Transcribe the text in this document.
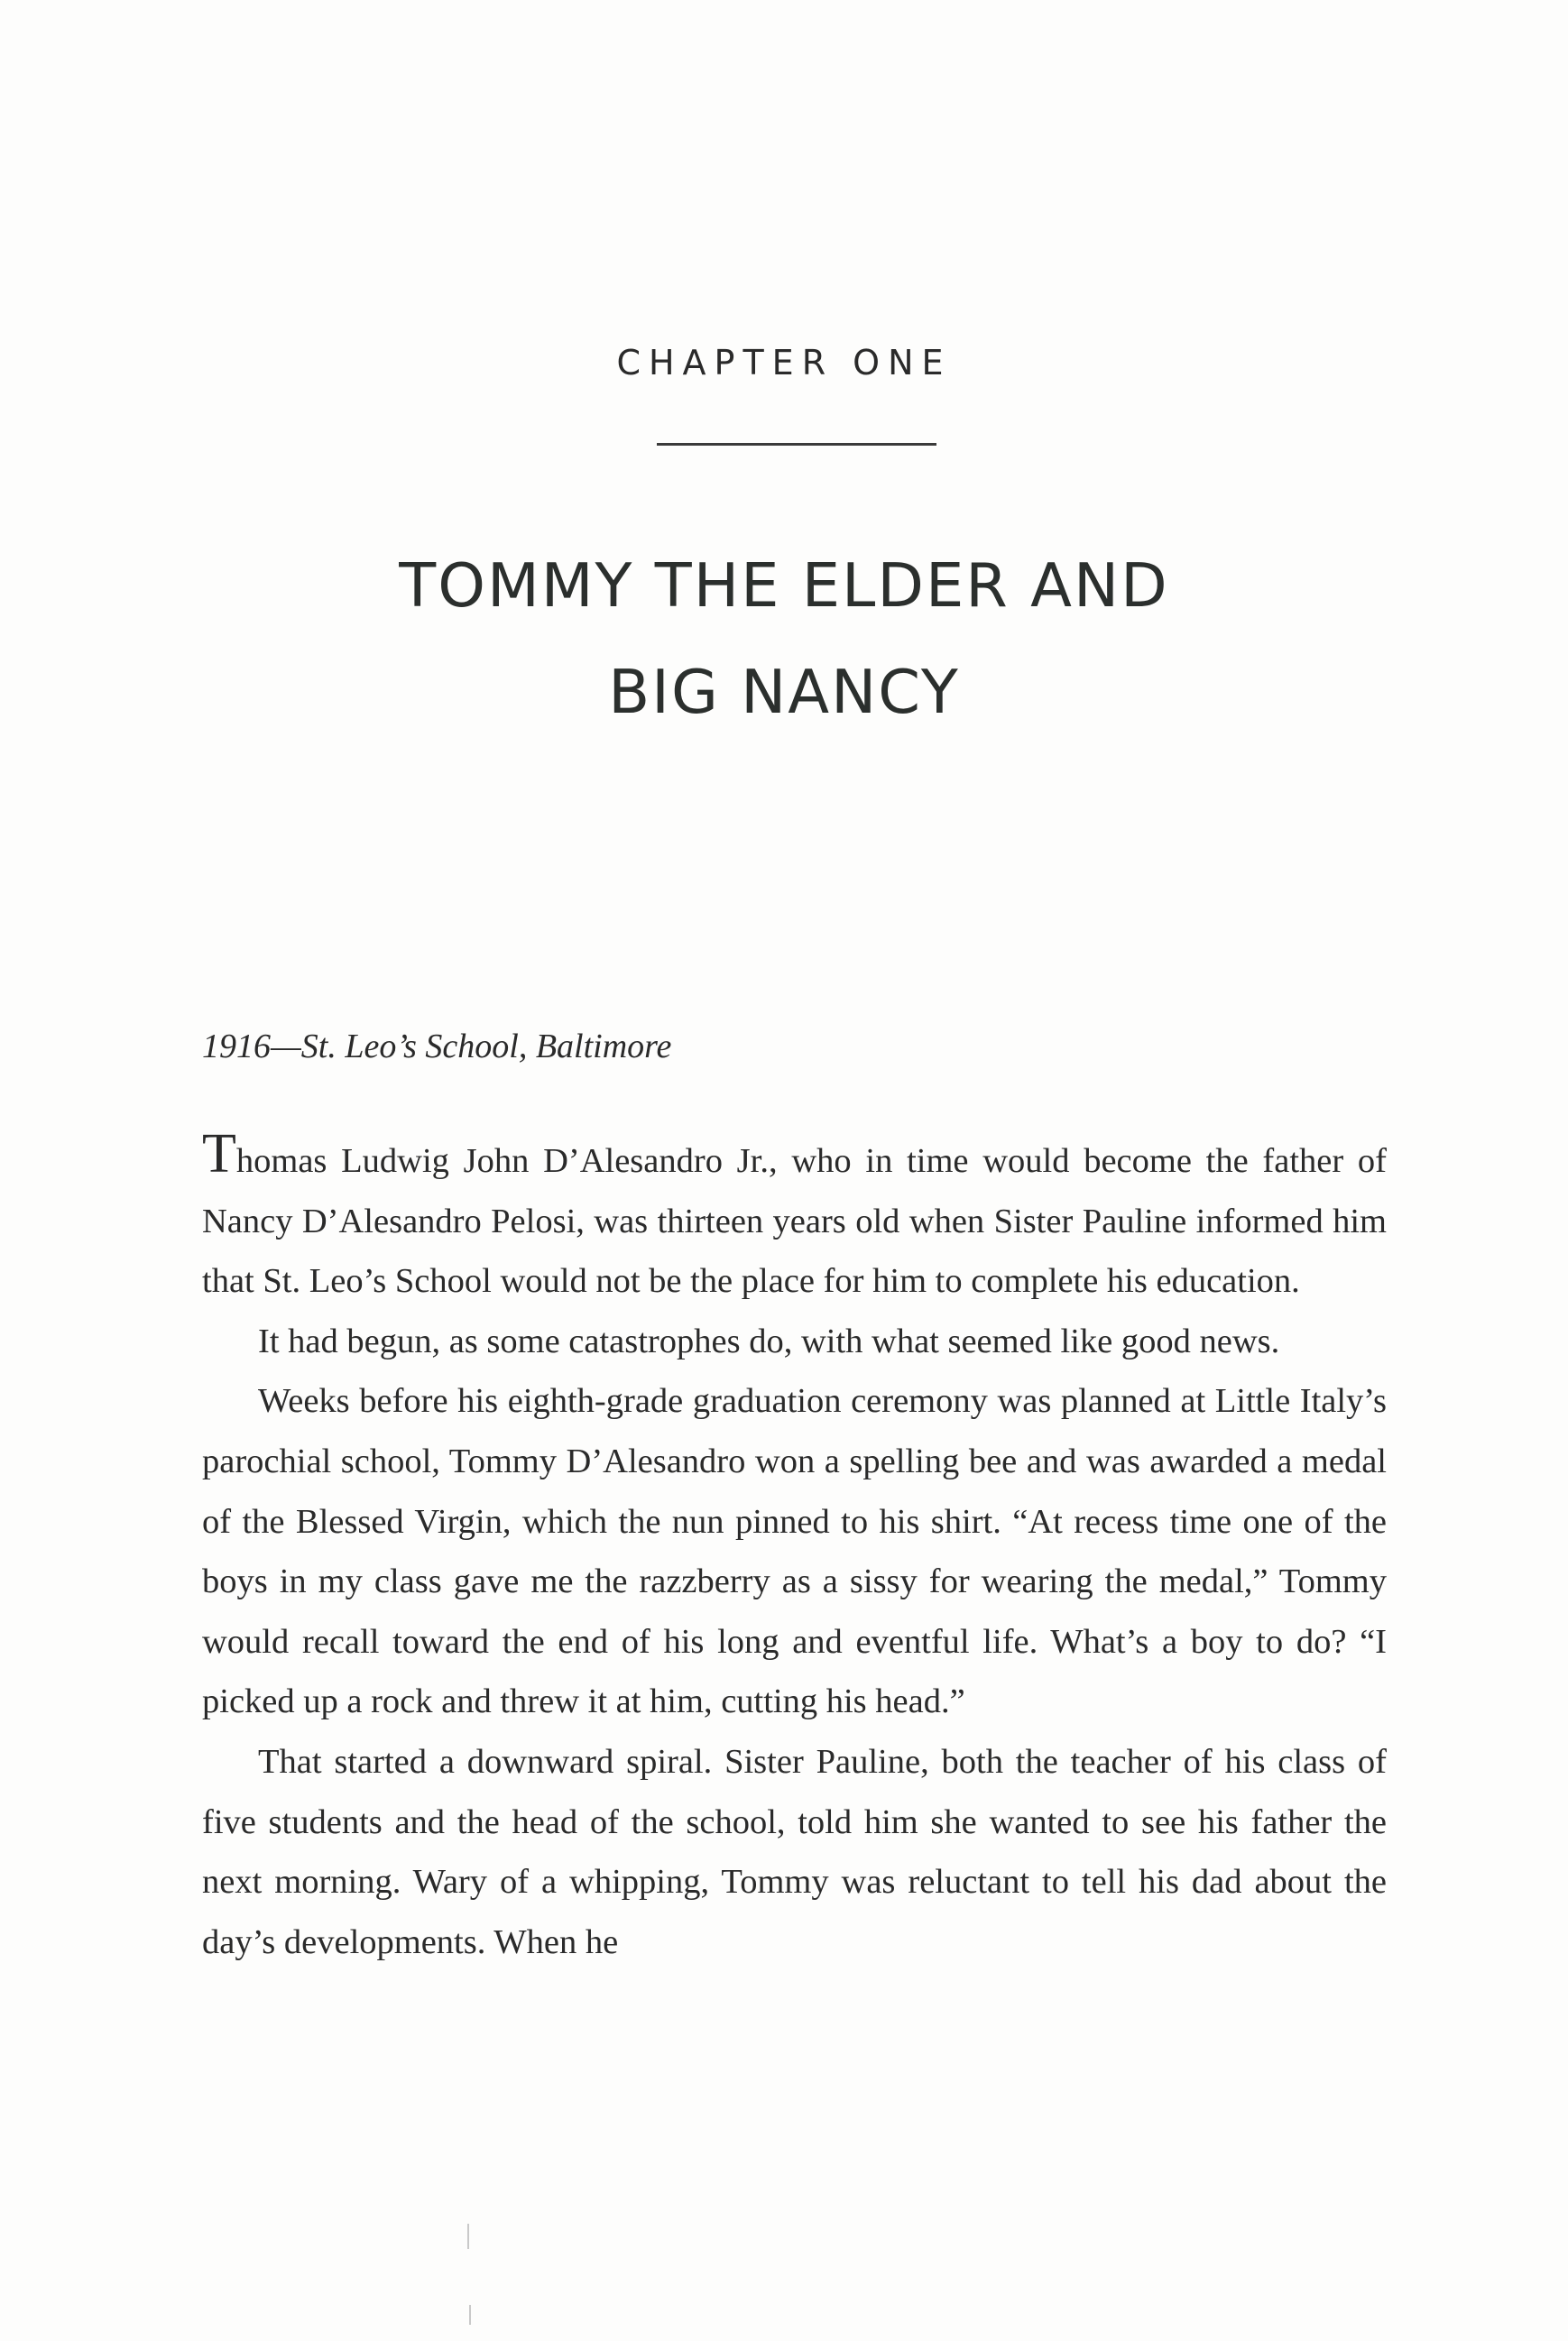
CHAPTER ONE
TOMMY THE ELDER AND
BIG NANCY
1916—St. Leo’s School, Baltimore

Thomas Ludwig John D’Alesandro Jr., who in time would become the father of Nancy D’Alesandro Pelosi, was thirteen years old when Sister Pauline informed him that St. Leo’s School would not be the place for him to complete his education.

It had begun, as some catastrophes do, with what seemed like good news.

Weeks before his eighth-grade graduation ceremony was planned at Little Italy’s parochial school, Tommy D’Alesandro won a spelling bee and was awarded a medal of the Blessed Virgin, which the nun pinned to his shirt. “At recess time one of the boys in my class gave me the razzberry as a sissy for wearing the medal,” Tommy would recall toward the end of his long and eventful life. What’s a boy to do? “I picked up a rock and threw it at him, cutting his head.”

That started a downward spiral. Sister Pauline, both the teacher of his class of five students and the head of the school, told him she wanted to see his father the next morning. Wary of a whipping, Tommy was reluctant to tell his dad about the day’s developments. When he
